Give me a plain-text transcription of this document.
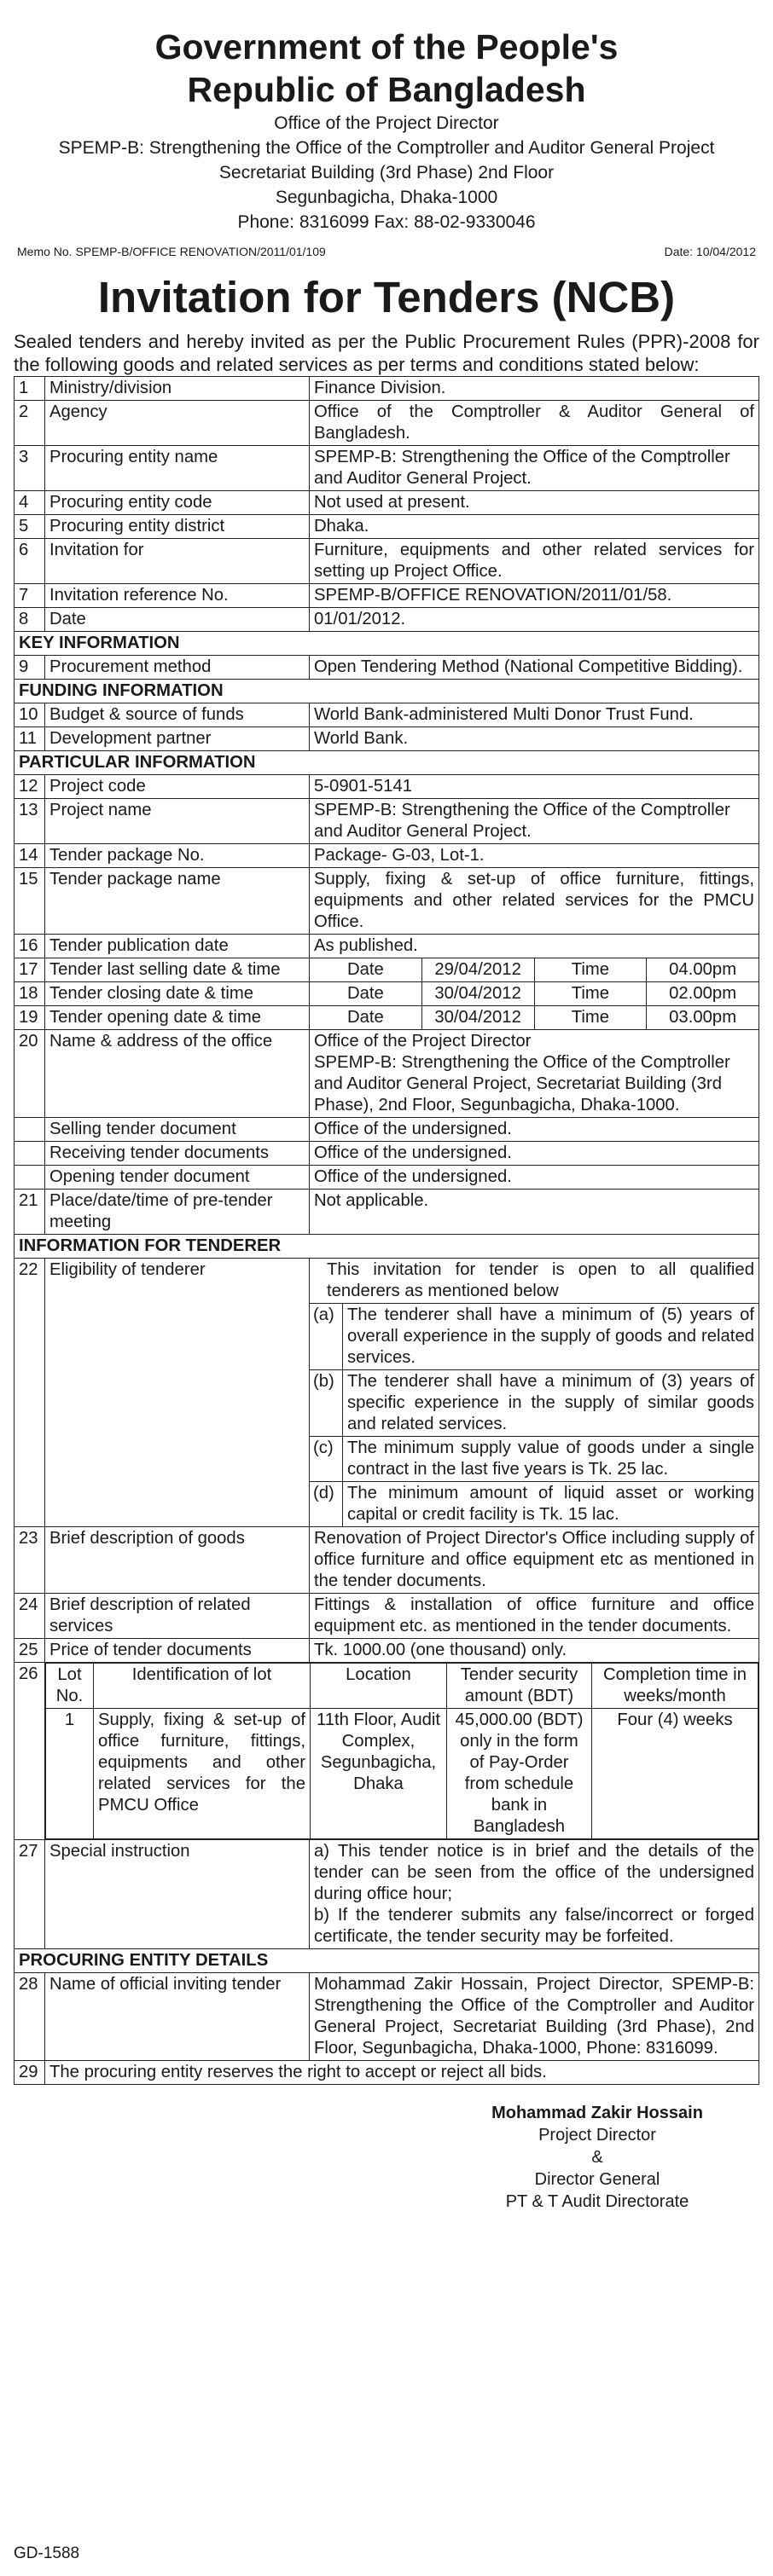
Government of the People's
Republic of Bangladesh
Office of the Project Director
SPEMP-B: Strengthening the Office of the Comptroller and Auditor General Project
Secretariat Building (3rd Phase) 2nd Floor
Segunbagicha, Dhaka-1000
Phone: 8316099 Fax: 88-02-9330046
Memo No. SPEMP-B/OFFICE RENOVATION/2011/01/109	Date: 10/04/2012
Invitation for Tenders (NCB)
Sealed tenders and hereby invited as per the Public Procurement Rules (PPR)-2008 for the following goods and related services as per terms and conditions stated below:
1	Ministry/division	Finance Division.
2	Agency	Office of the Comptroller & Auditor General of Bangladesh.
3	Procuring entity name	SPEMP-B: Strengthening the Office of the Comptroller and Auditor General Project.
4	Procuring entity code	Not used at present.
5	Procuring entity district	Dhaka.
6	Invitation for	Furniture, equipments and other related services for setting up Project Office.
7	Invitation reference No.	SPEMP-B/OFFICE RENOVATION/2011/01/58.
8	Date	01/01/2012.
KEY INFORMATION
9	Procurement method	Open Tendering Method (National Competitive Bidding).
FUNDING INFORMATION
10	Budget & source of funds	World Bank-administered Multi Donor Trust Fund.
11	Development partner	World Bank.
PARTICULAR INFORMATION
12	Project code	5-0901-5141
13	Project name	SPEMP-B: Strengthening the Office of the Comptroller and Auditor General Project.
14	Tender package No.	Package- G-03, Lot-1.
15	Tender package name	Supply, fixing & set-up of office furniture, fittings, equipments and other related services for the PMCU Office.
16	Tender publication date	As published.
17	Tender last selling date & time	Date	29/04/2012	Time	04.00pm
18	Tender closing date & time	Date	30/04/2012	Time	02.00pm
19	Tender opening date & time	Date	30/04/2012	Time	03.00pm
20	Name & address of the office	Office of the Project Director
SPEMP-B: Strengthening the Office of the Comptroller and Auditor General Project, Secretariat Building (3rd Phase), 2nd Floor, Segunbagicha, Dhaka-1000.

	Selling tender document	Office of the undersigned.
	Receiving tender documents	Office of the undersigned.
	Opening tender document	Office of the undersigned.
21	Place/date/time of pre-tender meeting	Not applicable.
INFORMATION FOR TENDERER
22	Eligibility of tenderer	This invitation for tender is open to all qualified tenderers as mentioned below
(a)	The tenderer shall have a minimum of (5) years of overall experience in the supply of goods and related services.
(b)	The tenderer shall have a minimum of (3) years of specific experience in the supply of similar goods and related services.
(c)	The minimum supply value of goods under a single contract in the last five years is Tk. 25 lac.
(d)	The minimum amount of liquid asset or working capital or credit facility is Tk. 15 lac.

23	Brief description of goods	Renovation of Project Director's Office including supply of office furniture and office equipment etc as mentioned in the tender documents.
24	Brief description of related services	Fittings & installation of office furniture and office equipment etc. as mentioned in the tender documents.
25	Price of tender documents	Tk. 1000.00 (one thousand) only.
26	Lot No.	Identification of lot	Location	Tender security amount (BDT)	Completion time in weeks/month
1	Supply, fixing & set-up of office furniture, fittings, equipments and other related services for the PMCU Office	11th Floor, Audit Complex, Segunbagicha, Dhaka	45,000.00 (BDT) only in the form of Pay-Order from schedule bank in Bangladesh	Four (4) weeks

27	Special instruction	a) This tender notice is in brief and the details of the tender can be seen from the office of the undersigned during office hour;
b) If the tenderer submits any false/incorrect or forged certificate, the tender security may be forfeited.

PROCURING ENTITY DETAILS
28	Name of official inviting tender	Mohammad Zakir Hossain, Project Director, SPEMP-B: Strengthening the Office of the Comptroller and Auditor General Project, Secretariat Building (3rd Phase), 2nd Floor, Segunbagicha, Dhaka-1000, Phone: 8316099.
29	The procuring entity reserves the right to accept or reject all bids.
Mohammad Zakir Hossain
Project Director
&
Director General
PT & T Audit Directorate
GD-1588
